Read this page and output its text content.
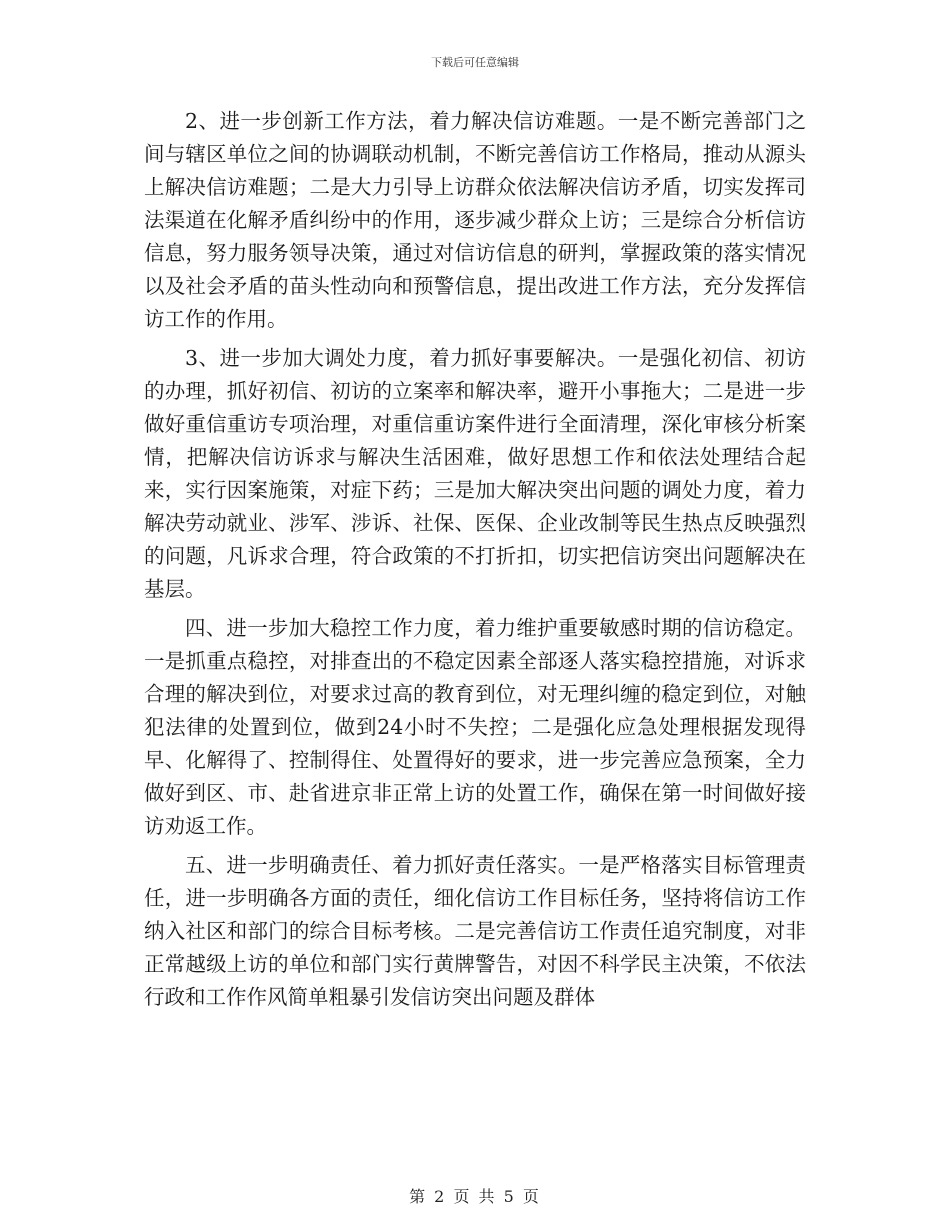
下载后可任意编辑

2、进一步创新工作方法，着力解决信访难题。一是不断完善部门之间与辖区单位之间的协调联动机制，不断完善信访工作格局，推动从源头上解决信访难题；二是大力引导上访群众依法解决信访矛盾，切实发挥司法渠道在化解矛盾纠纷中的作用，逐步减少群众上访；三是综合分析信访信息，努力服务领导决策，通过对信访信息的研判，掌握政策的落实情况以及社会矛盾的苗头性动向和预警信息，提出改进工作方法，充分发挥信访工作的作用。

3、进一步加大调处力度，着力抓好事要解决。一是强化初信、初访的办理，抓好初信、初访的立案率和解决率，避开小事拖大；二是进一步做好重信重访专项治理，对重信重访案件进行全面清理，深化审核分析案情，把解决信访诉求与解决生活困难，做好思想工作和依法处理结合起来，实行因案施策，对症下药；三是加大解决突出问题的调处力度，着力解决劳动就业、涉军、涉诉、社保、医保、企业改制等民生热点反映强烈的问题，凡诉求合理，符合政策的不打折扣，切实把信访突出问题解决在基层。

四、进一步加大稳控工作力度，着力维护重要敏感时期的信访稳定。一是抓重点稳控，对排查出的不稳定因素全部逐人落实稳控措施，对诉求合理的解决到位，对要求过高的教育到位，对无理纠缠的稳定到位，对触犯法律的处置到位，做到24小时不失控；二是强化应急处理根据发现得早、化解得了、控制得住、处置得好的要求，进一步完善应急预案，全力做好到区、市、赴省进京非正常上访的处置工作，确保在第一时间做好接访劝返工作。

五、进一步明确责任、着力抓好责任落实。一是严格落实目标管理责任，进一步明确各方面的责任，细化信访工作目标任务，坚持将信访工作纳入社区和部门的综合目标考核。二是完善信访工作责任追究制度，对非正常越级上访的单位和部门实行黄牌警告，对因不科学民主决策，不依法行政和工作作风简单粗暴引发信访突出问题及群体

第 2 页 共 5 页
